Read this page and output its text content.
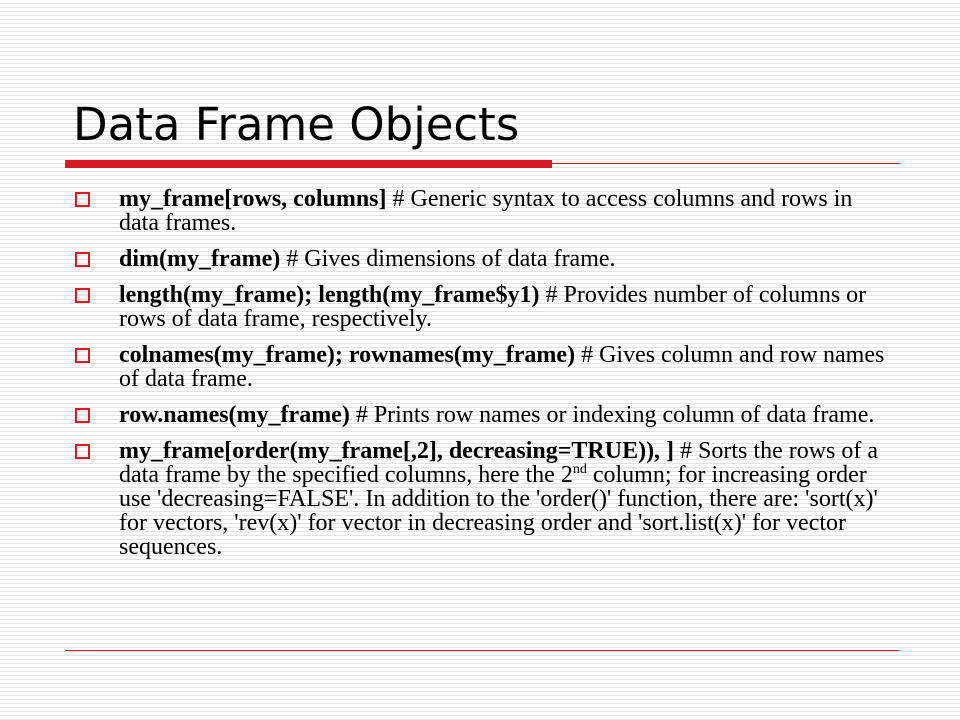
Data Frame Objects
my_frame[rows, columns] # Generic syntax to access columns and rows in data frames.
dim(my_frame) # Gives dimensions of data frame.
length(my_frame); length(my_frame$y1) # Provides number of columns or rows of data frame, respectively.
colnames(my_frame); rownames(my_frame) # Gives column and row names of data frame.
row.names(my_frame) # Prints row names or indexing column of data frame.
my_frame[order(my_frame[,2], decreasing=TRUE)), ] # Sorts the rows of a data frame by the specified columns, here the 2nd column; for increasing order use 'decreasing=FALSE'. In addition to the 'order()' function, there are: 'sort(x)' for vectors, 'rev(x)' for vector in decreasing order and 'sort.list(x)' for vector sequences.
